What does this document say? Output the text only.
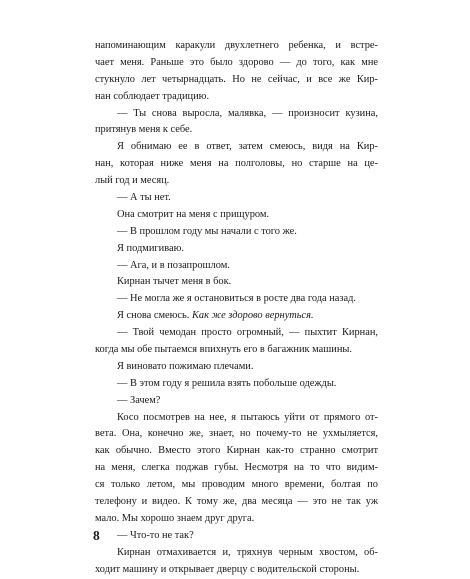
напоминающим каракули двухлетнего ребенка, и встре-
чает меня. Раньше это было здорово — до того, как мне
стукнуло лет четырнадцать. Но не сейчас, и все же Кир-
нан соблюдает традицию.
— Ты снова выросла, малявка, — произносит кузина,
притянув меня к себе.
Я обнимаю ее в ответ, затем смеюсь, видя на Кир-
нан, которая ниже меня на полголовы, но старше на це-
лый год и месяц.
— А ты нет.
Она смотрит на меня с прищуром.
— В прошлом году мы начали с того же.
Я подмигиваю.
— Ага, и в позапрошлом.
Кирнан тычет меня в бок.
— Не могла же я остановиться в росте два года назад.
Я снова смеюсь. Как же здорово вернуться.
— Твой чемодан просто огромный, — пыхтит Кирнан,
когда мы обе пытаемся впихнуть его в багажник машины.
Я виновато пожимаю плечами.
— В этом году я решила взять побольше одежды.
— Зачем?
Косо посмотрев на нее, я пытаюсь уйти от прямого от-
вета. Она, конечно же, знает, но почему-то не ухмыляется,
как обычно. Вместо этого Кирнан как-то странно смотрит
на меня, слегка поджав губы. Несмотря на то что видим-
ся только летом, мы проводим много времени, болтая по
телефону и видео. К тому же, два месяца — это не так уж
мало. Мы хорошо знаем друг друга.
— Что-то не так?
Кирнан отмахивается и, тряхнув черным хвостом, об-
ходит машину и открывает дверцу с водительской стороны.
8
